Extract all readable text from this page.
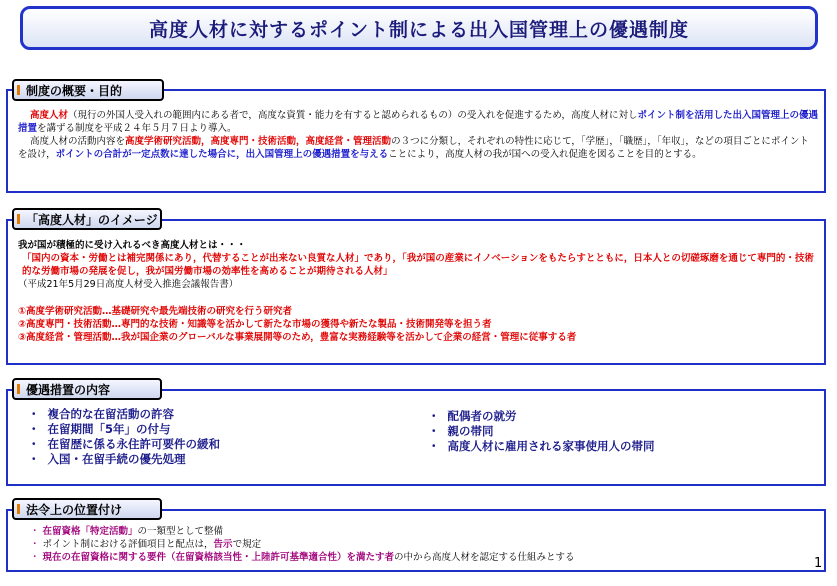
高度人材に対するポイント制による出入国管理上の優遇制度
制度の概要・目的
高度人材（現行の外国人受入れの範囲内にある者で，高度な資質・能力を有すると認められるもの）の受入れを促進するため，高度人材に対しポイント制を活用した出入国管理上の優遇措置を講ずる制度を平成２４年５月７日より導入。
高度人材の活動内容を高度学術研究活動，高度専門・技術活動，高度経営・管理活動の３つに分類し，それぞれの特性に応じて，「学歴」，「職歴」，「年収」，などの項目ごとにポイントを設け，ポイントの合計が一定点数に達した場合に，出入国管理上の優遇措置を与えることにより，高度人材の我が国への受入れ促進を図ることを目的とする。
「高度人材」のイメージ
我が国が積極的に受け入れるべき高度人材とは・・・
「国内の資本・労働とは補完関係にあり，代替することが出来ない良質な人材」であり，「我が国の産業にイノベーションをもたらすとともに，日本人との切磋琢磨を通じて専門的・技術的な労働市場の発展を促し，我が国労働市場の効率性を高めることが期待される人材」
（平成21年5月29日高度人材受入推進会議報告書）
①高度学術研究活動…基礎研究や最先端技術の研究を行う研究者
②高度専門・技術活動…専門的な技術・知識等を活かして新たな市場の獲得や新たな製品・技術開発等を担う者
③高度経営・管理活動…我が国企業のグローバルな事業展開等のため，豊富な実務経験等を活かして企業の経営・管理に従事する者
優遇措置の内容
・ 複合的な在留活動の許容
・ 在留期間「5年」の付与
・ 在留歴に係る永住許可要件の緩和
・ 入国・在留手続の優先処理
・ 配偶者の就労
・ 親の帯同
・ 高度人材に雇用される家事使用人の帯同
法令上の位置付け
・ 在留資格「特定活動」の一類型として整備
・ ポイント制における評価項目と配点は，告示で規定
・ 現在の在留資格に関する要件（在留資格該当性・上陸許可基準適合性）を満たす者の中から高度人材を認定する仕組みとする	1
